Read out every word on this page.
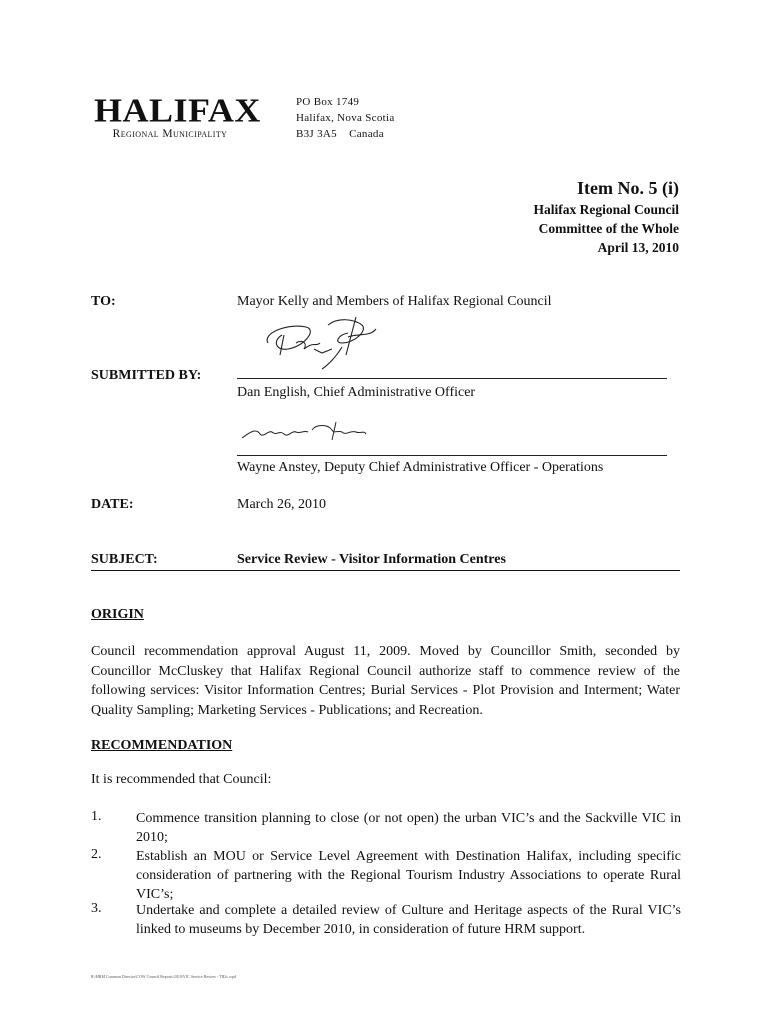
HALIFAX
Regional Municipality
PO Box 1749
Halifax, Nova Scotia
B3J 3A5    Canada
Item No. 5 (i)
Halifax Regional Council
Committee of the Whole
April 13, 2010
TO:	Mayor Kelly and Members of Halifax Regional Council
SUBMITTED BY:
Dan English, Chief Administrative Officer
Wayne Anstey, Deputy Chief Administrative Officer - Operations
DATE:	March 26, 2010
SUBJECT:	Service Review - Visitor Information Centres
ORIGIN
Council recommendation approval August 11, 2009. Moved by Councillor Smith, seconded by Councillor McCluskey that Halifax Regional Council authorize staff to commence review of the following services: Visitor Information Centres; Burial Services - Plot Provision and Interment; Water Quality Sampling; Marketing Services - Publications; and Recreation.
RECOMMENDATION
It is recommended that Council:
1. Commence transition planning to close (or not open) the urban VIC’s and the Sackville VIC in 2010;
2. Establish an MOU or Service Level Agreement with Destination Halifax, including specific consideration of partnering with the Regional Tourism Industry Associations to operate Rural VIC’s;
3. Undertake and complete a detailed review of Culture and Heritage aspects of the Rural VIC’s linked to museums by December 2010, in consideration of future HRM support.
R:\HRM Common Director\COW Council Reports\2010\VIC Service Review - TR2c.wpd
